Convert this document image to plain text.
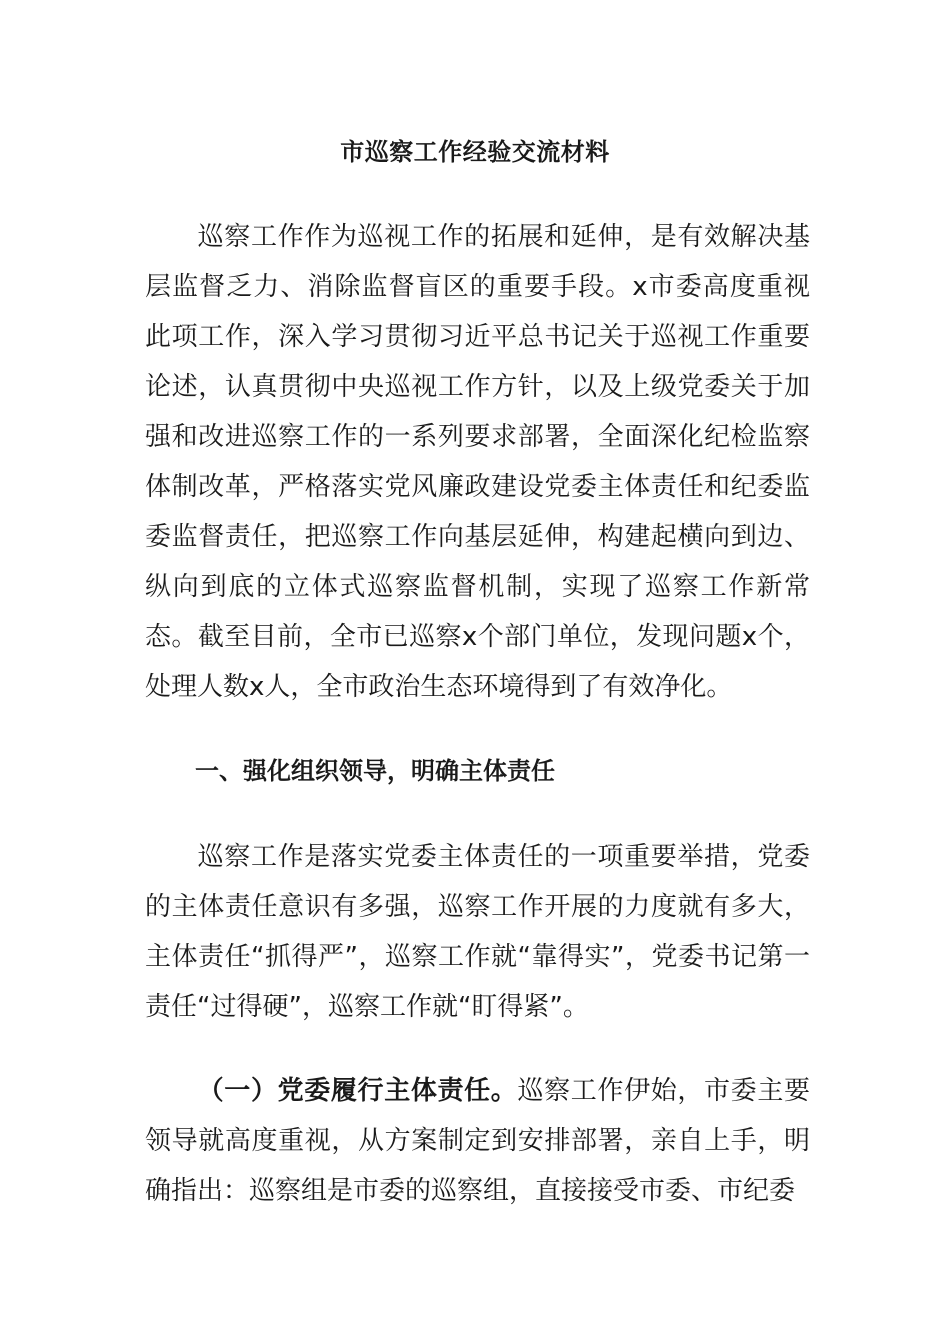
市巡察工作经验交流材料
巡察工作作为巡视工作的拓展和延伸，是有效解决基层监督乏力、消除监督盲区的重要手段。x市委高度重视此项工作，深入学习贯彻习近平总书记关于巡视工作重要论述，认真贯彻中央巡视工作方针，以及上级党委关于加强和改进巡察工作的一系列要求部署，全面深化纪检监察体制改革，严格落实党风廉政建设党委主体责任和纪委监委监督责任，把巡察工作向基层延伸，构建起横向到边、纵向到底的立体式巡察监督机制，实现了巡察工作新常态。截至目前，全市已巡察x个部门单位，发现问题x个，处理人数x人，全市政治生态环境得到了有效净化。
一、强化组织领导，明确主体责任
巡察工作是落实党委主体责任的一项重要举措，党委的主体责任意识有多强，巡察工作开展的力度就有多大，主体责任“抓得严”，巡察工作就“靠得实”，党委书记第一责任“过得硬”，巡察工作就“盯得紧”。
（一）党委履行主体责任。巡察工作伊始，市委主要领导就高度重视，从方案制定到安排部署，亲自上手，明确指出：巡察组是市委的巡察组，直接接受市委、市纪委
